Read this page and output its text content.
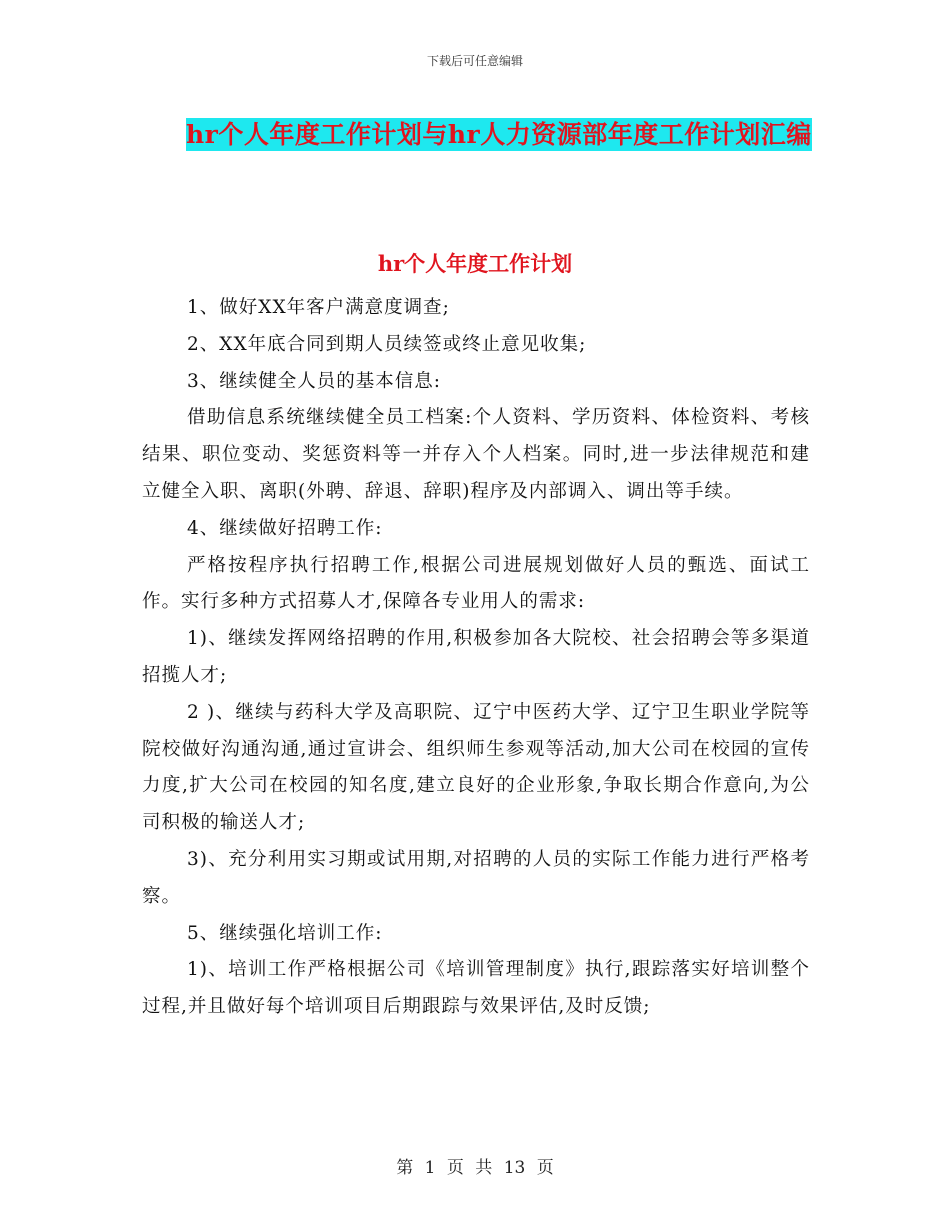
下载后可任意编辑
hr个人年度工作计划与hr人力资源部年度工作计划汇编
hr个人年度工作计划

1、做好XX年客户满意度调查;

2、XX年底合同到期人员续签或终止意见收集;

3、继续健全人员的基本信息:

借助信息系统继续健全员工档案:个人资料、学历资料、体检资料、考核结果、职位变动、奖惩资料等一并存入个人档案。同时,进一步法律规范和建立健全入职、离职(外聘、辞退、辞职)程序及内部调入、调出等手续。

4、继续做好招聘工作:

严格按程序执行招聘工作,根据公司进展规划做好人员的甄选、面试工作。实行多种方式招募人才,保障各专业用人的需求:

1)、继续发挥网络招聘的作用,积极参加各大院校、社会招聘会等多渠道招揽人才;

2 )、继续与药科大学及高职院、辽宁中医药大学、辽宁卫生职业学院等院校做好沟通沟通,通过宣讲会、组织师生参观等活动,加大公司在校园的宣传力度,扩大公司在校园的知名度,建立良好的企业形象,争取长期合作意向,为公司积极的输送人才;

3)、充分利用实习期或试用期,对招聘的人员的实际工作能力进行严格考察。

5、继续强化培训工作:

1)、培训工作严格根据公司《培训管理制度》执行,跟踪落实好培训整个过程,并且做好每个培训项目后期跟踪与效果评估,及时反馈;

第 1 页 共 13 页
